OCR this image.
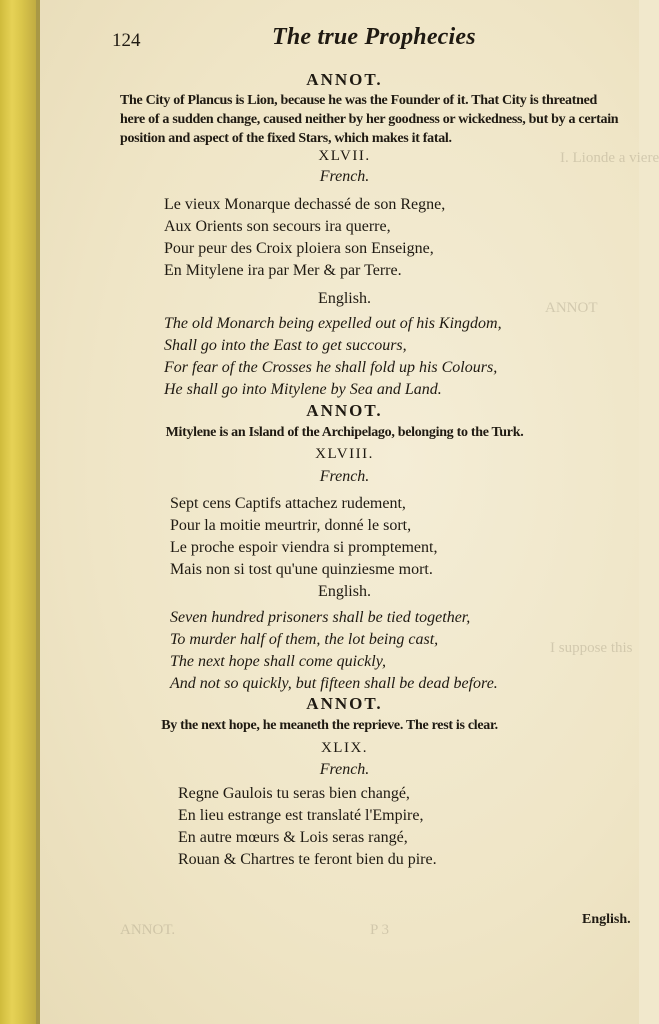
I. Lionde a viere
ANNOT
I suppose this
ANNOT.	P 3
124	The true Prophecies
ANNOT.
The City of Plancus is Lion, because he was the Founder of it. That City is threatned here of a sudden change, caused neither by her goodness or wickedness, but by a certain position and aspect of the fixed Stars, which makes it fatal.
XLVII.
French.
Le vieux Monarque dechassé de son Regne,
Aux Orients son secours ira querre,
Pour peur des Croix ploiera son Enseigne,
En Mitylene ira par Mer & par Terre.
English.
The old Monarch being expelled out of his Kingdom,
Shall go into the East to get succours,
For fear of the Crosses he shall fold up his Colours,
He shall go into Mitylene by Sea and Land.
ANNOT.
Mitylene is an Island of the Archipelago, belonging to the Turk.
XLVIII.
French.
Sept cens Captifs attachez rudement,
Pour la moitie meurtrir, donné le sort,
Le proche espoir viendra si promptement,
Mais non si tost qu'une quinziesme mort.
English.
Seven hundred prisoners shall be tied together,
To murder half of them, the lot being cast,
The next hope shall come quickly,
And not so quickly, but fifteen shall be dead before.
ANNOT.
By the next hope, he meaneth the reprieve. The rest is clear.
XLIX.
French.
Regne Gaulois tu seras bien changé,
En lieu estrange est translaté l'Empire,
En autre mœurs & Lois seras rangé,
Rouan & Chartres te feront bien du pire.
English.
